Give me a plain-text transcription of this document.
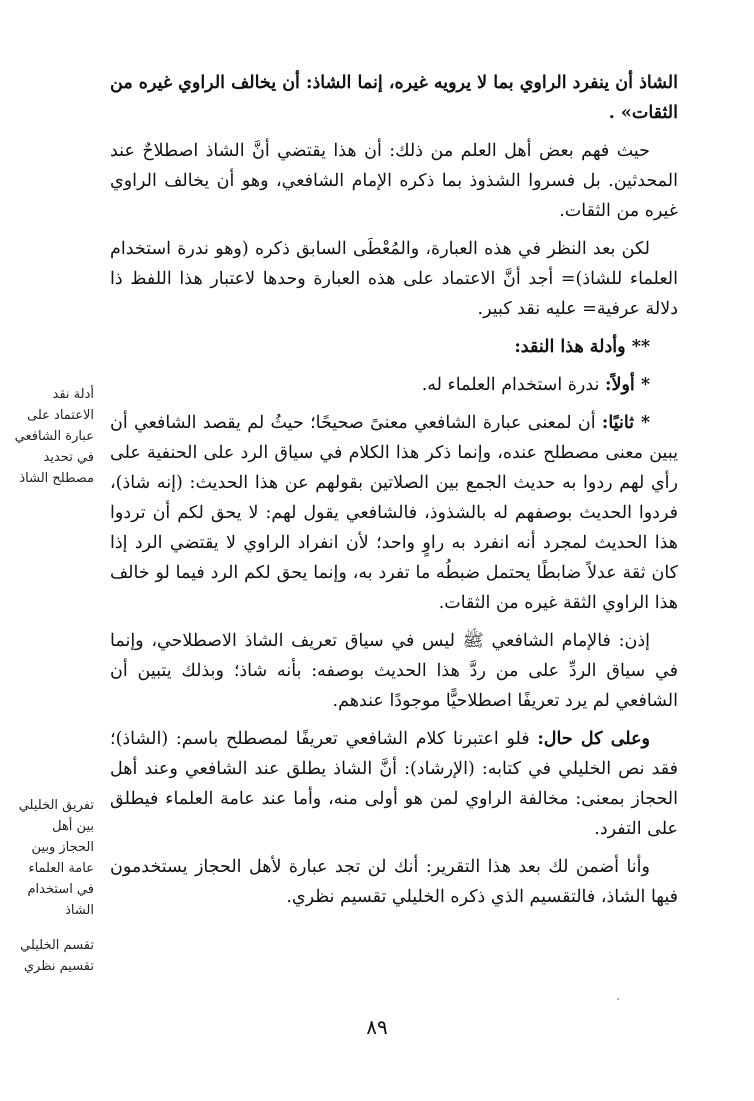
الشاذ أن ينفرد الراوي بما لا يرويه غيره، إنما الشاذ: أن يخالف الراوي غيره من الثقات» .

حيث فهم بعض أهل العلم من ذلك: أن هذا يقتضي أنَّ الشاذ اصطلاحٌ عند المحدثين. بل فسروا الشذوذ بما ذكره الإمام الشافعي، وهو أن يخالف الراوي غيره من الثقات.

لكن بعد النظر في هذه العبارة، والمُعْطَى السابق ذكره (وهو ندرة استخدام العلماء للشاذ)= أجد أنَّ الاعتماد على هذه العبارة وحدها لاعتبار هذا اللفظ ذا دلالة عرفية= عليه نقد كبير.

** وأدلة هذا النقد:

* أولاً: ندرة استخدام العلماء له.

* ثانيًا: أن لمعنى عبارة الشافعي معنىً صحيحًا؛ حيثُ لم يقصد الشافعي أن يبين معنى مصطلح عنده، وإنما ذكر هذا الكلام في سياق الرد على الحنفية على رأي لهم ردوا به حديث الجمع بين الصلاتين بقولهم عن هذا الحديث: (إنه شاذ)، فردوا الحديث بوصفهم له بالشذوذ، فالشافعي يقول لهم: لا يحق لكم أن تردوا هذا الحديث لمجرد أنه انفرد به راوٍ واحد؛ لأن انفراد الراوي لا يقتضي الرد إذا كان ثقة عدلاً ضابطًا يحتمل ضبطُه ما تفرد به، وإنما يحق لكم الرد فيما لو خالف هذا الراوي الثقة غيره من الثقات.

إذن: فالإمام الشافعي ﷺ ليس في سياق تعريف الشاذ الاصطلاحي، وإنما في سياق الردِّ على من ردَّ هذا الحديث بوصفه: بأنه شاذ؛ وبذلك يتبين أن الشافعي لم يرد تعريفًا اصطلاحيًّا موجودًا عندهم.

وعلى كل حال: فلو اعتبرنا كلام الشافعي تعريفًا لمصطلح باسم: (الشاذ)؛ فقد نص الخليلي في كتابه: (الإرشاد): أنَّ الشاذ يطلق عند الشافعي وعند أهل الحجاز بمعنى: مخالفة الراوي لمن هو أولى منه، وأما عند عامة العلماء فيطلق على التفرد.

وأنا أضمن لك بعد هذا التقرير: أنك لن تجد عبارة لأهل الحجاز يستخدمون فيها الشاذ، فالتقسيم الذي ذكره الخليلي تقسيم نظري.

أدلة نقد الاعتماد على عبارة الشافعي في تحديد مصطلح الشاذ
تفريق الخليلي بين أهل الحجاز وبين عامة العلماء في استخدام الشاذ
تقسم الخليلي تقسيم نظري
٨٩
